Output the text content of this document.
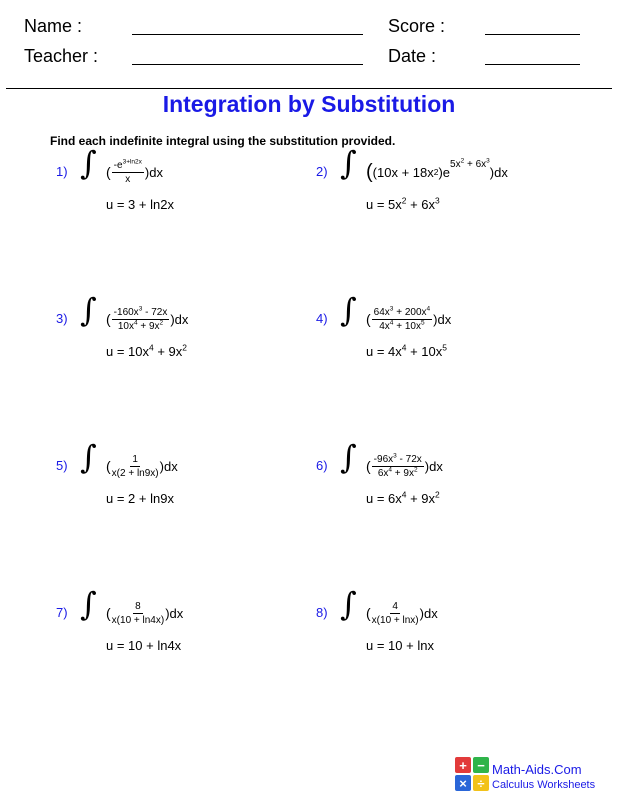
Name :	Score :
Teacher :	Date :
Integration by Substitution
Find each indefinite integral using the substitution provided.
1) ∫ ( $\frac{-e^{3+ln2x}}{x} )dx$
u = 3 + ln2x
2) ∫ ( (10x + 18x 2 )e
$5x^2 + 6x^3$
)dx
$u = 5x^2 + 6x^3$
3) ∫ ( $\frac{-160x^3 - 72x}{10x^4 + 9x^2} )dx$
$u = 10x^4 + 9x^2$
4) ∫ ( $\frac{64x^3 + 200x^4}{4x^4 + 10x^5} )dx$
$u = 4x^4 + 10x^5$
5) ∫ ( $\frac{1}{x(2 + \ln 9x)} )dx$
u = 2 + ln9x
6) ∫ ( $\frac{-96x^3 - 72x}{6x^4 + 9x^2} )dx$
$u = 6x^4 + 9x^2$
7) ∫ ( $\frac{8}{x(10 + \ln 4x)} )dx$
u = 10 + ln4x
8) ∫ ( $\frac{4}{x(10 + \ln x)} )dx$
u = 10 + lnx
+ −
× ÷
Math-Aids.Com
Calculus Worksheets
